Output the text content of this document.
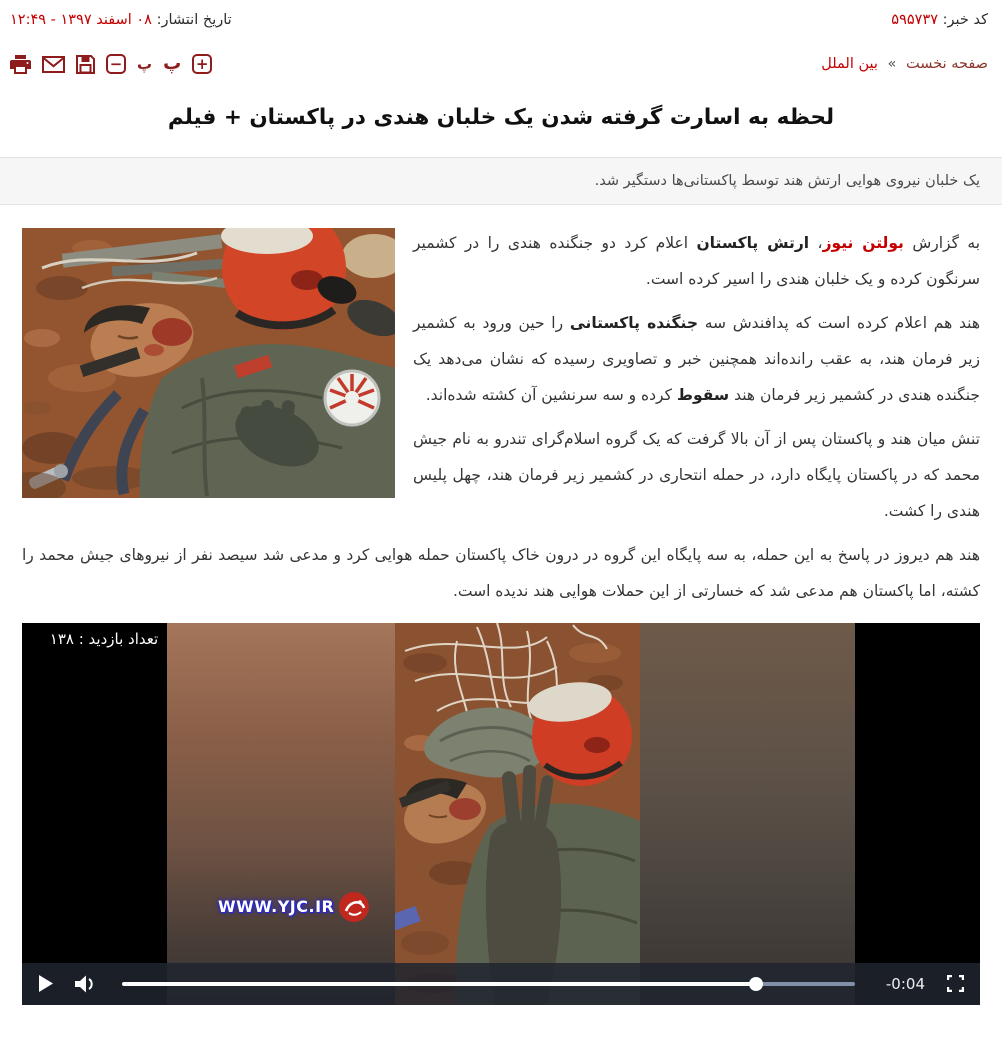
کد خبر: ۵۹۵۷۳۷
تاریخ انتشار: ۰۸ اسفند ۱۳۹۷ - ۱۲:۴۹
صفحه نخست » بین الملل
− پ پ +
لحظه به اسارت گرفته شدن یک خلبان هندی در پاکستان + فیلم
یک خلبان نیروی هوایی ارتش هند توسط پاکستانی‌ها دستگیر شد.

به گزارش بولتن نیوز، ارتش پاکستان اعلام کرد دو جنگنده هندی را در کشمیر سرنگون کرده و یک خلبان هندی را اسیر کرده است.

هند هم اعلام کرده است که پدافندش سه جنگنده پاکستانی را حین ورود به کشمیر زیر فرمان هند، به عقب رانده‌اند همچنین خبر و تصاویری رسیده که نشان می‌دهد یک جنگنده هندی در کشمیر زیر فرمان هند سقوط کرده و سه سرنشین آن کشته شده‌اند.

تنش میان هند و پاکستان پس از آن بالا گرفت که یک گروه اسلام‌گرای تندرو به نام جیش محمد که در پاکستان پایگاه دارد، در حمله انتحاری در کشمیر زیر فرمان هند، چهل پلیس هندی را کشت.

هند هم دیروز در پاسخ به این حمله، به سه پایگاه این گروه در درون خاک پاکستان حمله هوایی کرد و مدعی شد سیصد نفر از نیروهای جیش محمد را کشته، اما پاکستان هم مدعی شد که خسارتی از این حملات هوایی هند ندیده است.

تعداد بازدید : ۱۳۸
WWW.YJC.IR
-0:04
